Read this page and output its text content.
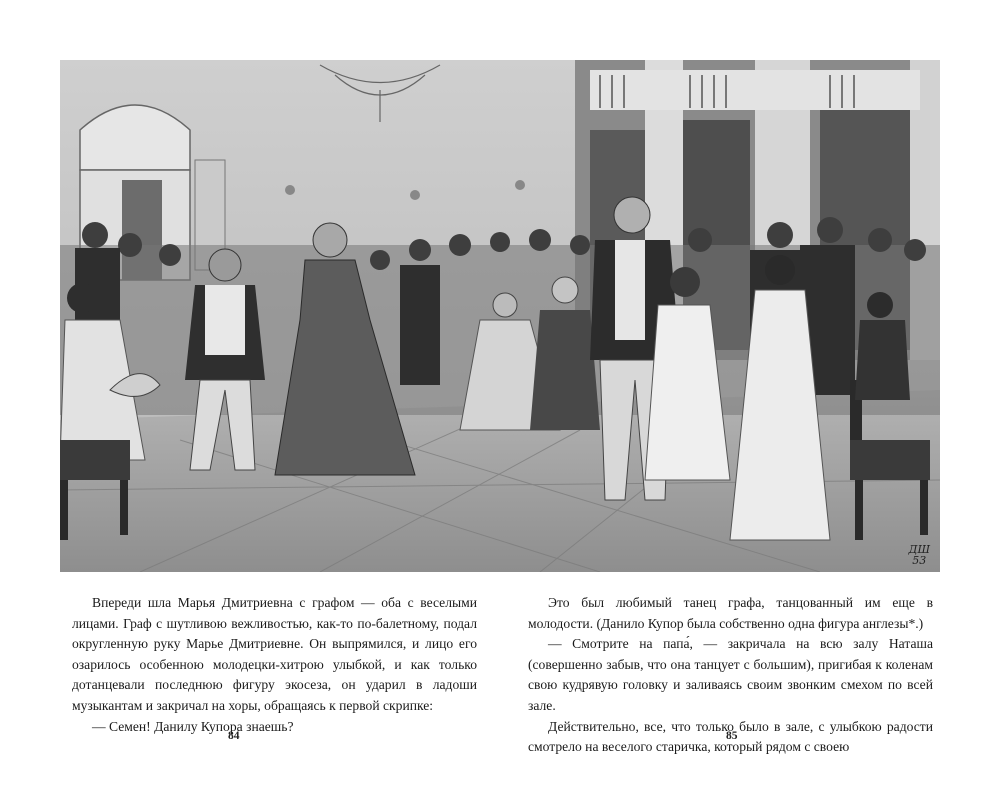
ДШ
53

Впереди шла Марья Дмитриевна с графом — оба с веселыми лицами. Граф с шутливою вежливостью, как-то по-балетному, подал округленную руку Марье Дмитриевне. Он выпрямился, и лицо его озарилось особенною молодецки-хитрою улыбкой, и как только дотанцевали последнюю фигуру экосеза, он ударил в ладоши музыкантам и закричал на хоры, обращаясь к первой скрипке:

— Семен! Данилу Купора знаешь?

Это был любимый танец графа, танцованный им еще в молодости. (Данило Купор была собственно одна фигура англезы*.)

— Смотрите на папа́, — закричала на всю залу Наташа (совершенно забыв, что она танцует с большим), пригибая к коленам свою кудрявую головку и заливаясь своим звонким смехом по всей зале.

Действительно, все, что только было в зале, с улыбкою радости смотрело на веселого старичка, который рядом с своею

84	85
